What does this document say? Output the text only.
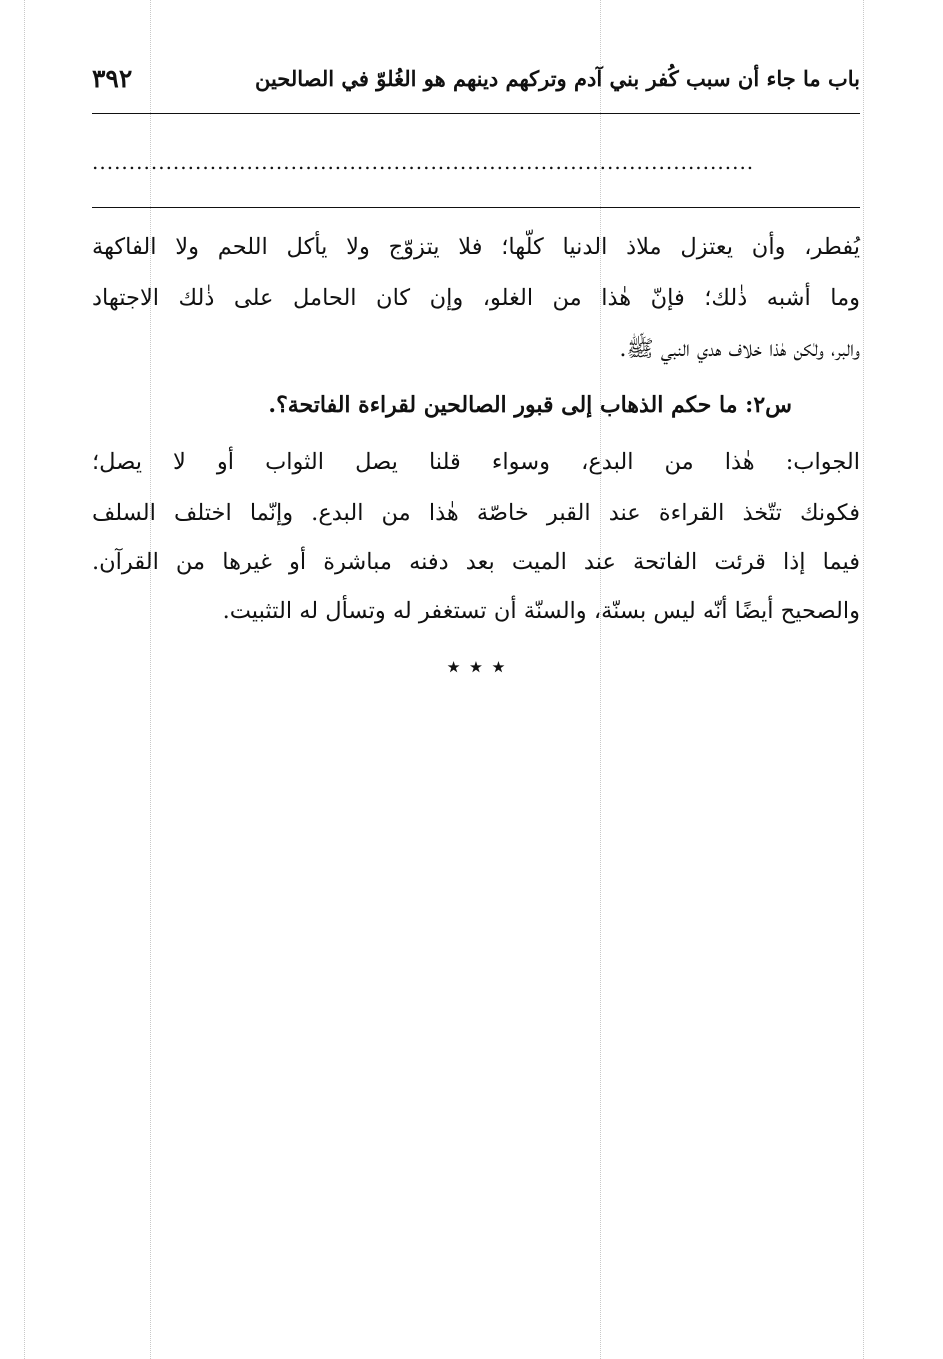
٣٩٢	باب ما جاء أن سبب كُفر بني آدم وتركهم دينهم هو الغُلوّ في الصالحين
..........................................................................................
يُفطر، وأن يعتزل ملاذ الدنيا كلّها؛ فلا يتزوّج ولا يأكل اللحم ولا الفاكهة
وما أشبه ذٰلك؛ فإنّ هٰذا من الغلو، وإن كان الحامل على ذٰلك الاجتهاد
والبر، ولٰكن هٰذا خلاف هدي النبي ﷺ.
س٢: ما حكم الذهاب إلى قبور الصالحين لقراءة الفاتحة؟.
الجواب: هٰذا من البدع، وسواء قلنا يصل الثواب أو لا يصل؛
فكونك تتّخذ القراءة عند القبر خاصّة هٰذا من البدع. وإنّما اختلف السلف
فيما إذا قرئت الفاتحة عند الميت بعد دفنه مباشرة أو غيرها من القرآن.
والصحيح أيضًا أنّه ليس بسنّة، والسنّة أن تستغفر له وتسأل له التثبيت.
٭ ٭ ٭
